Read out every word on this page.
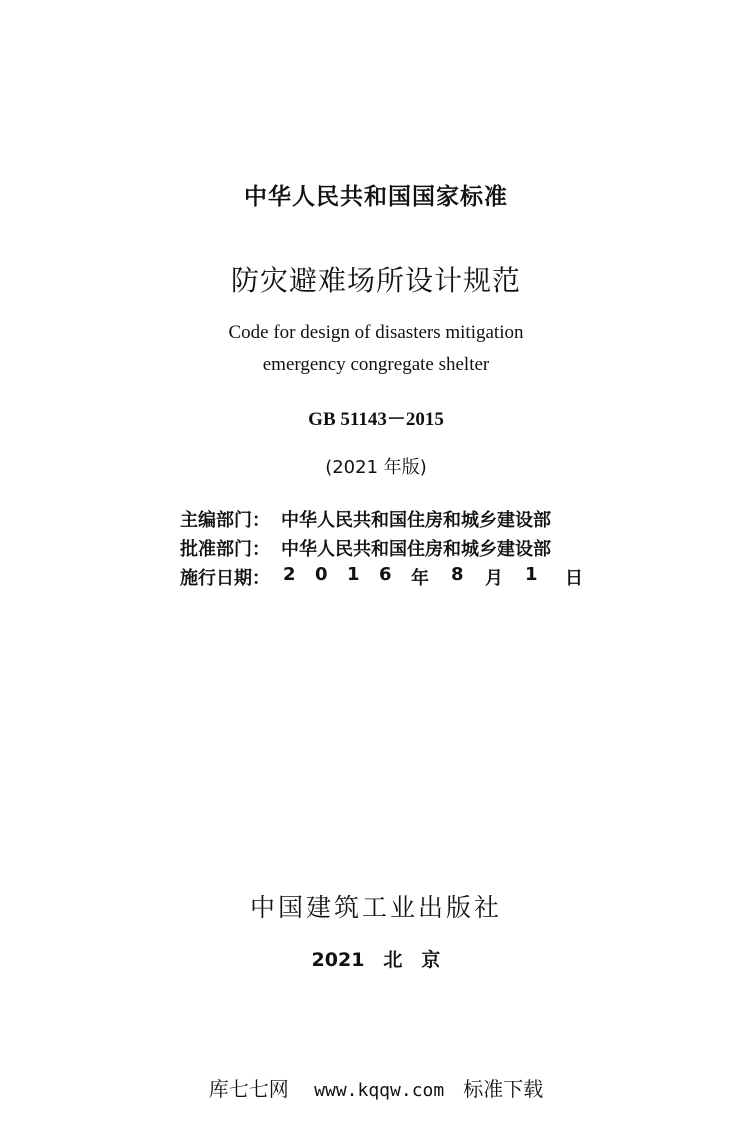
中华人民共和国国家标准
防灾避难场所设计规范
Code for design of disasters mitigation
emergency congregate shelter
GB 51143－2015
(2021 年版)
主编部门： 中华人民共和国住房和城乡建设部
批准部门： 中华人民共和国住房和城乡建设部
施行日期： 2 0 1 6 年 8 月 1 日
中国建筑工业出版社
2021　北　京
库七七网 www.kqqw.com 标准下载
